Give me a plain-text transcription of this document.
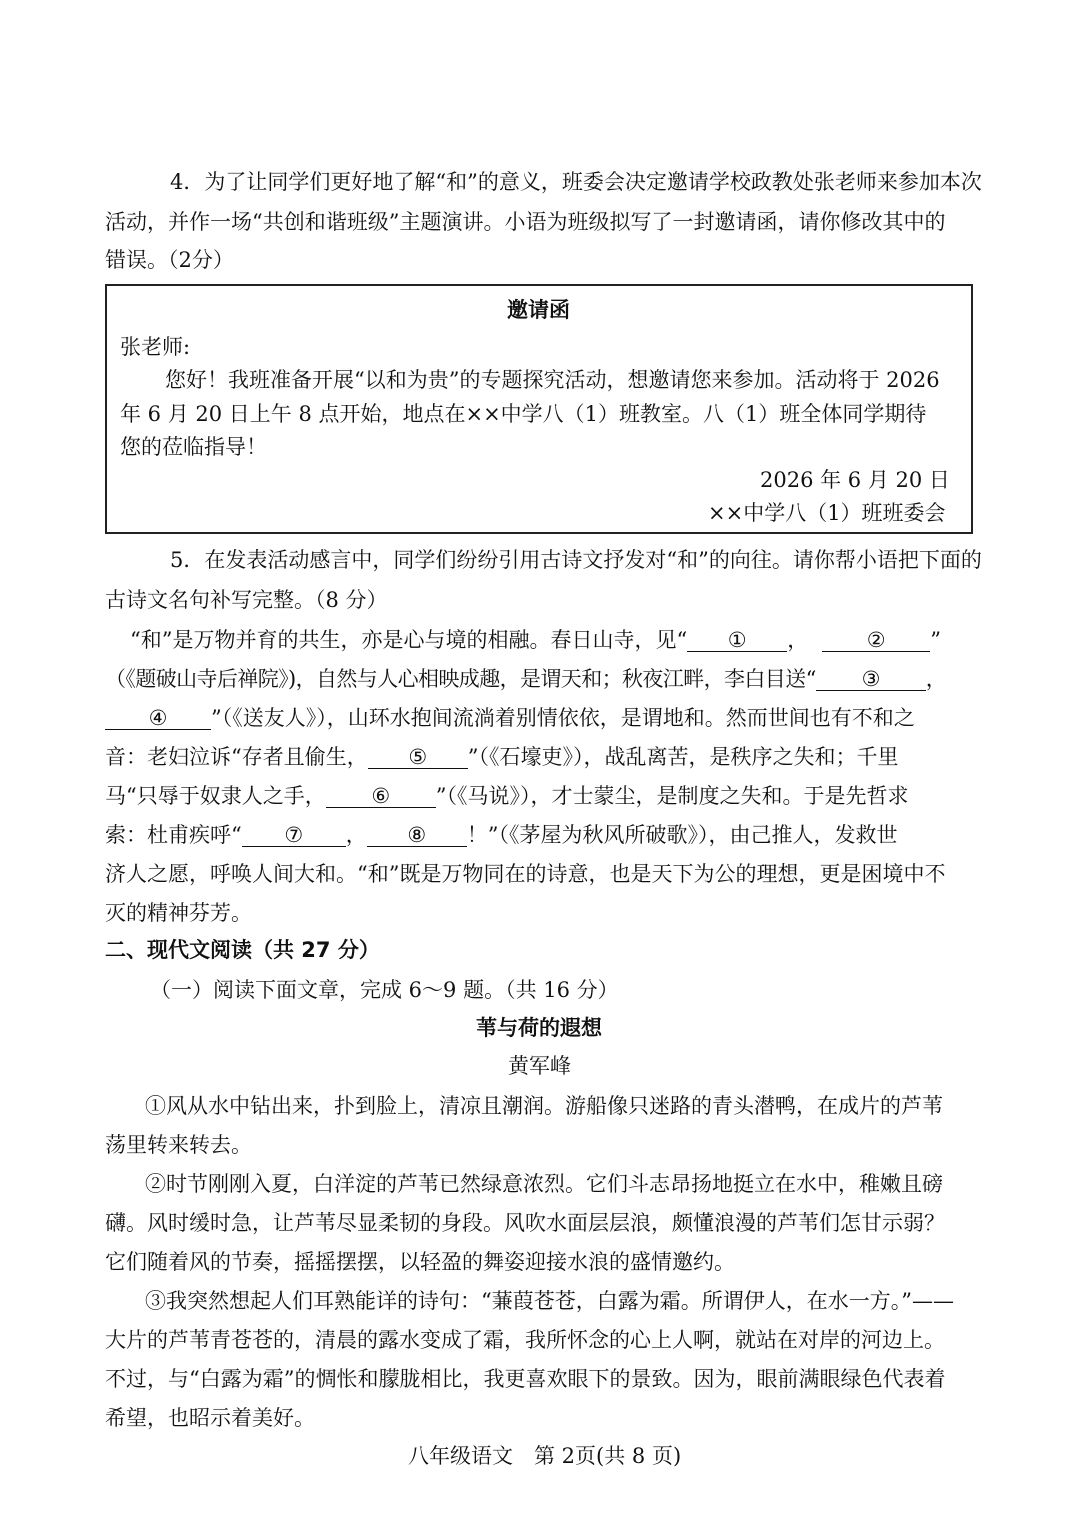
4．为了让同学们更好地了解“和”的意义，班委会决定邀请学校政教处张老师来参加本次
活动，并作一场“共创和谐班级”主题演讲。小语为班级拟写了一封邀请函，请你修改其中的
错误。（2分）
邀请函
张老师:
您好！我班准备开展“以和为贵”的专题探究活动，想邀请您来参加。活动将于 2026
年 6 月 20 日上午 8 点开始，地点在××中学八（1）班教室。八（1）班全体同学期待
您的莅临指导！
2026 年 6 月 20 日
××中学八（1）班班委会
5．在发表活动感言中，同学们纷纷引用古诗文抒发对“和”的向往。请你帮小语把下面的
古诗文名句补写完整。（8 分）
“和”是万物并育的共生，亦是心与境的相融。春日山寺，见“ ① ，	② ”
（《题破山寺后禅院》)，自然与人心相映成趣，是谓天和；秋夜江畔，李白目送“ ③ ，
④ ”（《送友人》），山环水抱间流淌着别情依依，是谓地和。然而世间也有不和之
音：老妇泣诉“存者且偷生， ⑤ ”（《石壕吏》），战乱离苦，是秩序之失和；千里
马“只辱于奴隶人之手， ⑥ ”（《马说》），才士蒙尘，是制度之失和。于是先哲求
索：杜甫疾呼“ ⑦ ， ⑧ ！”（《茅屋为秋风所破歌》），由己推人，发救世
济人之愿，呼唤人间大和。“和”既是万物同在的诗意，也是天下为公的理想，更是困境中不
灭的精神芬芳。
二、现代文阅读（共 27 分）
（一）阅读下面文章，完成 6～9 题。（共 16 分）
苇与荷的遐想
黄军峰
①风从水中钻出来，扑到脸上，清凉且潮润。游船像只迷路的青头潜鸭，在成片的芦苇
荡里转来转去。
②时节刚刚入夏，白洋淀的芦苇已然绿意浓烈。它们斗志昂扬地挺立在水中，稚嫩且磅
礴。风时缓时急，让芦苇尽显柔韧的身段。风吹水面层层浪，颇懂浪漫的芦苇们怎甘示弱？
它们随着风的节奏，摇摇摆摆，以轻盈的舞姿迎接水浪的盛情邀约。
③我突然想起人们耳熟能详的诗句：“蒹葭苍苍，白露为霜。所谓伊人，在水一方。”——
大片的芦苇青苍苍的，清晨的露水变成了霜，我所怀念的心上人啊，就站在对岸的河边上。
不过，与“白露为霜”的惆怅和朦胧相比，我更喜欢眼下的景致。因为，眼前满眼绿色代表着
希望，也昭示着美好。
八年级语文　第 2页(共 8 页)
